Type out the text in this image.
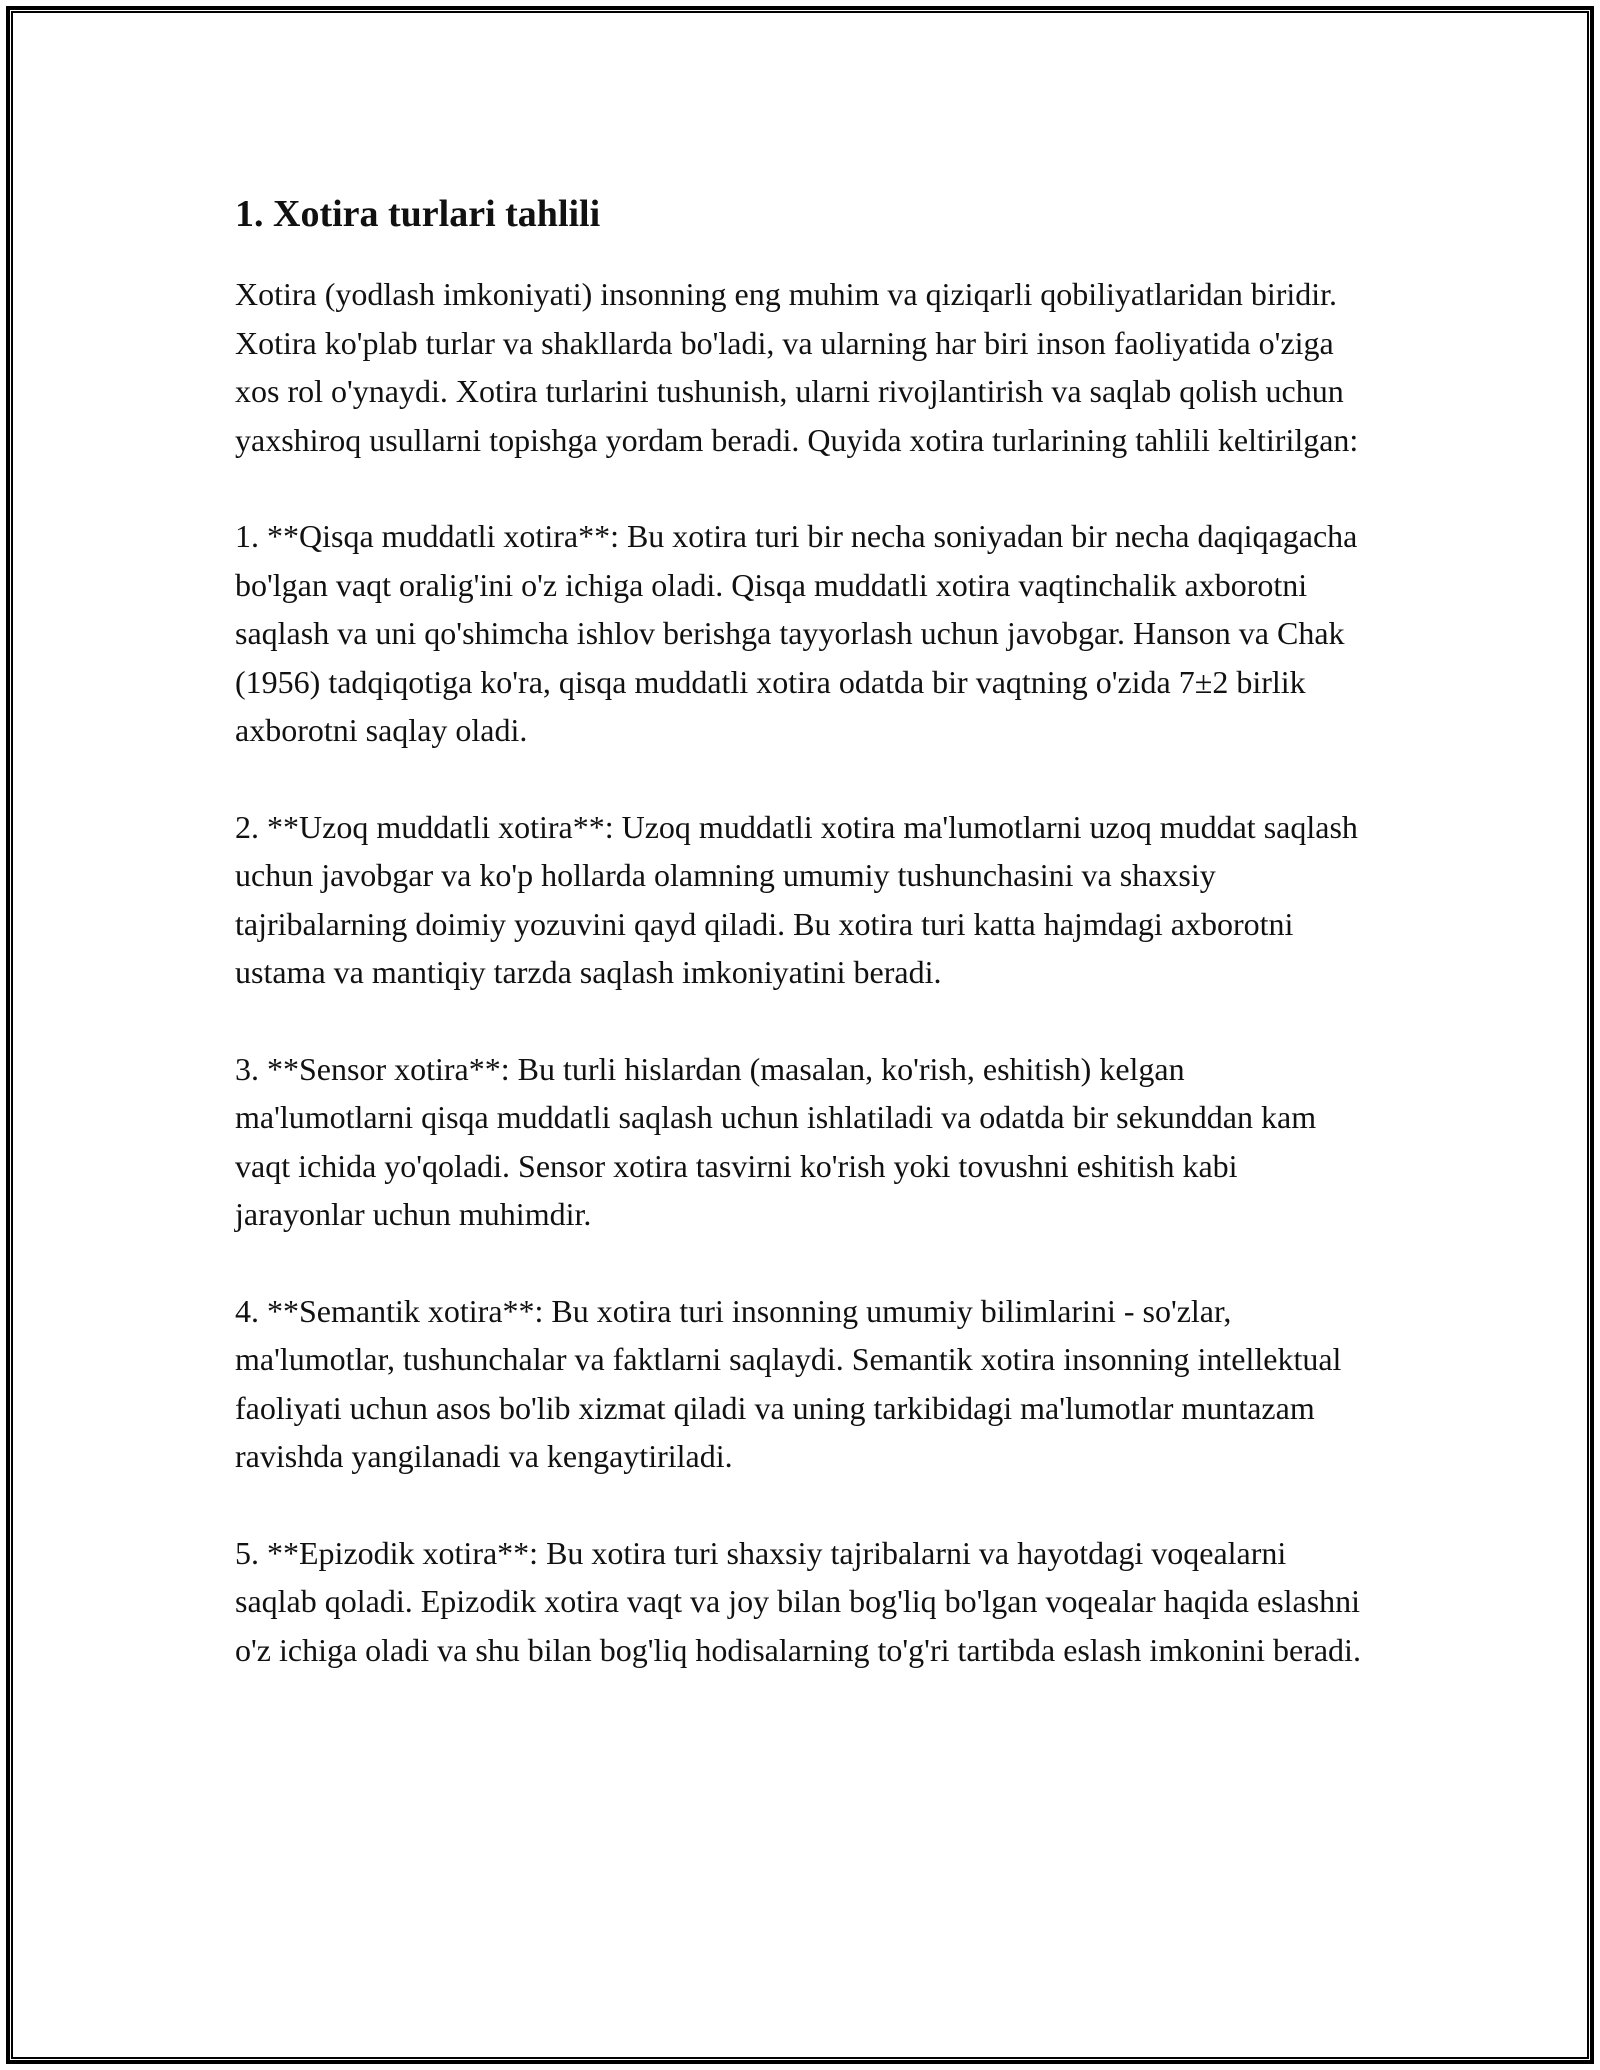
1. Xotira turlari tahlili

Xotira (yodlash imkoniyati) insonning eng muhim va qiziqarli qobiliyatlaridan biridir. Xotira ko'plab turlar va shakllarda bo'ladi, va ularning har biri inson faoliyatida o'ziga xos rol o'ynaydi. Xotira turlarini tushunish, ularni rivojlantirish va saqlab qolish uchun yaxshiroq usullarni topishga yordam beradi. Quyida xotira turlarining tahlili keltirilgan:

1. **Qisqa muddatli xotira**: Bu xotira turi bir necha soniyadan bir necha daqiqagacha bo'lgan vaqt oralig'ini o'z ichiga oladi. Qisqa muddatli xotira vaqtinchalik axborotni saqlash va uni qo'shimcha ishlov berishga tayyorlash uchun javobgar. Hanson va Chak (1956) tadqiqotiga ko'ra, qisqa muddatli xotira odatda bir vaqtning o'zida 7±2 birlik axborotni saqlay oladi.

2. **Uzoq muddatli xotira**: Uzoq muddatli xotira ma'lumotlarni uzoq muddat saqlash uchun javobgar va ko'p hollarda olamning umumiy tushunchasini va shaxsiy tajribalarning doimiy yozuvini qayd qiladi. Bu xotira turi katta hajmdagi axborotni ustama va mantiqiy tarzda saqlash imkoniyatini beradi.

3. **Sensor xotira**: Bu turli hislardan (masalan, ko'rish, eshitish) kelgan ma'lumotlarni qisqa muddatli saqlash uchun ishlatiladi va odatda bir sekunddan kam vaqt ichida yo'qoladi. Sensor xotira tasvirni ko'rish yoki tovushni eshitish kabi jarayonlar uchun muhimdir.

4. **Semantik xotira**: Bu xotira turi insonning umumiy bilimlarini - so'zlar, ma'lumotlar, tushunchalar va faktlarni saqlaydi. Semantik xotira insonning intellektual faoliyati uchun asos bo'lib xizmat qiladi va uning tarkibidagi ma'lumotlar muntazam ravishda yangilanadi va kengaytiriladi.

5. **Epizodik xotira**: Bu xotira turi shaxsiy tajribalarni va hayotdagi voqealarni saqlab qoladi. Epizodik xotira vaqt va joy bilan bog'liq bo'lgan voqealar haqida eslashni o'z ichiga oladi va shu bilan bog'liq hodisalarning to'g'ri tartibda eslash imkonini beradi.
